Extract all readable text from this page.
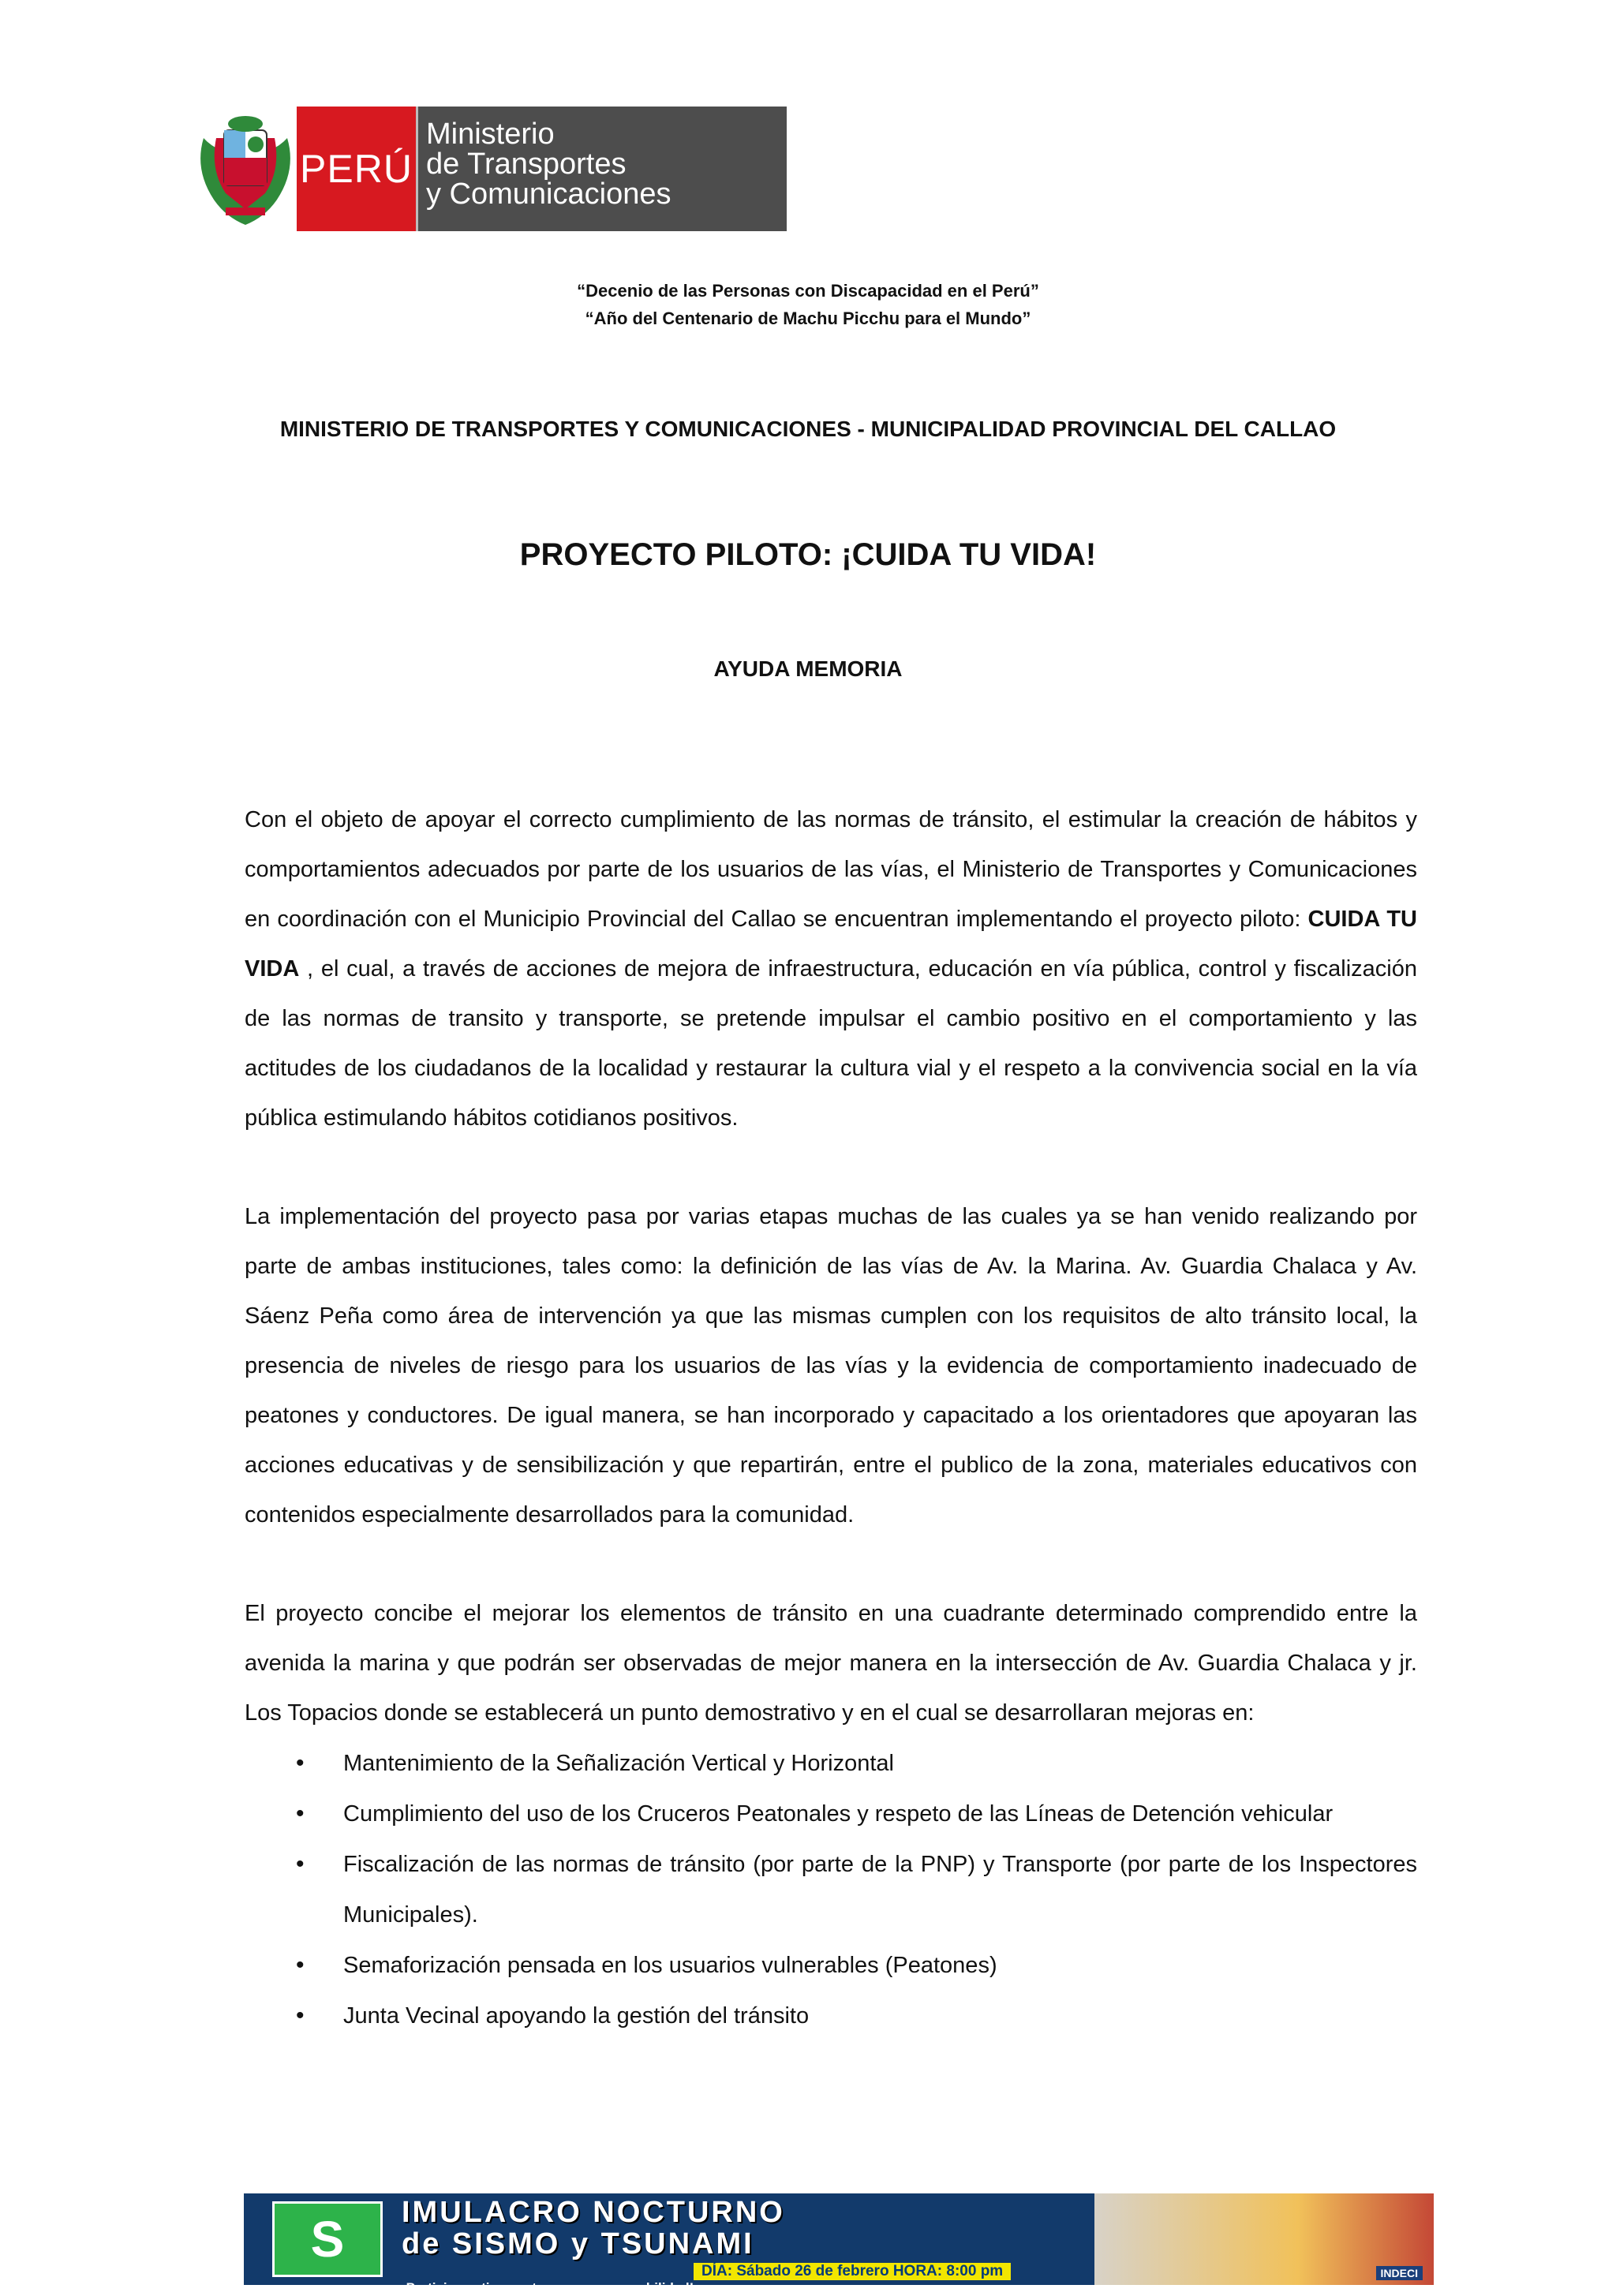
PERÚ
Ministerio
de Transportes
y Comunicaciones
“Decenio de las Personas con Discapacidad en el Perú”
“Año del Centenario de Machu Picchu para el Mundo”
MINISTERIO DE TRANSPORTES Y COMUNICACIONES - MUNICIPALIDAD PROVINCIAL DEL CALLAO
PROYECTO PILOTO: ¡CUIDA TU VIDA!
AYUDA MEMORIA

Con el objeto de apoyar el correcto cumplimiento de las normas de tránsito, el estimular la creación de hábitos y comportamientos adecuados por parte de los usuarios de las vías, el Ministerio de Transportes y Comunicaciones en coordinación con el Municipio Provincial del Callao se encuentran implementando el proyecto piloto: CUIDA TU VIDA , el cual, a través de acciones de mejora de infraestructura, educación en vía pública, control y fiscalización de las normas de transito y transporte, se pretende impulsar el cambio positivo en el comportamiento y las actitudes de los ciudadanos de la localidad y restaurar la cultura vial y el respeto a la convivencia social en la vía pública estimulando hábitos cotidianos positivos.

La implementación del proyecto pasa por varias etapas muchas de las cuales ya se han venido realizando por parte de ambas instituciones, tales como: la definición de las vías de Av. la Marina. Av. Guardia Chalaca y Av. Sáenz Peña como área de intervención ya que las mismas cumplen con los requisitos de alto tránsito local, la presencia de niveles de riesgo para los usuarios de las vías y la evidencia de comportamiento inadecuado de peatones y conductores. De igual manera, se han incorporado y capacitado a los orientadores que apoyaran las acciones educativas y de sensibilización y que repartirán, entre el publico de la zona, materiales educativos con contenidos especialmente desarrollados para la comunidad.

El proyecto concibe el mejorar los elementos de tránsito en una cuadrante determinado comprendido entre la avenida la marina y que podrán ser observadas de mejor manera en la intersección de Av. Guardia Chalaca y jr. Los Topacios donde se establecerá un punto demostrativo y en el cual se desarrollaran mejoras en:

• Mantenimiento de la Señalización Vertical y Horizontal
• Cumplimiento del uso de los Cruceros Peatonales y respeto de las Líneas de Detención vehicular
• Fiscalización de las normas de tránsito (por parte de la PNP) y Transporte (por parte de los Inspectores Municipales).
• Semaforización pensada en los usuarios vulnerables (Peatones)
• Junta Vecinal apoyando la gestión del tránsito
S IMULACRO NOCTURNO
de SISMO y TSUNAMI
DÍA: Sábado 26 de febrero HORA: 8:00 pm
¡Participa activamente y con responsabilidad!
INDECI
